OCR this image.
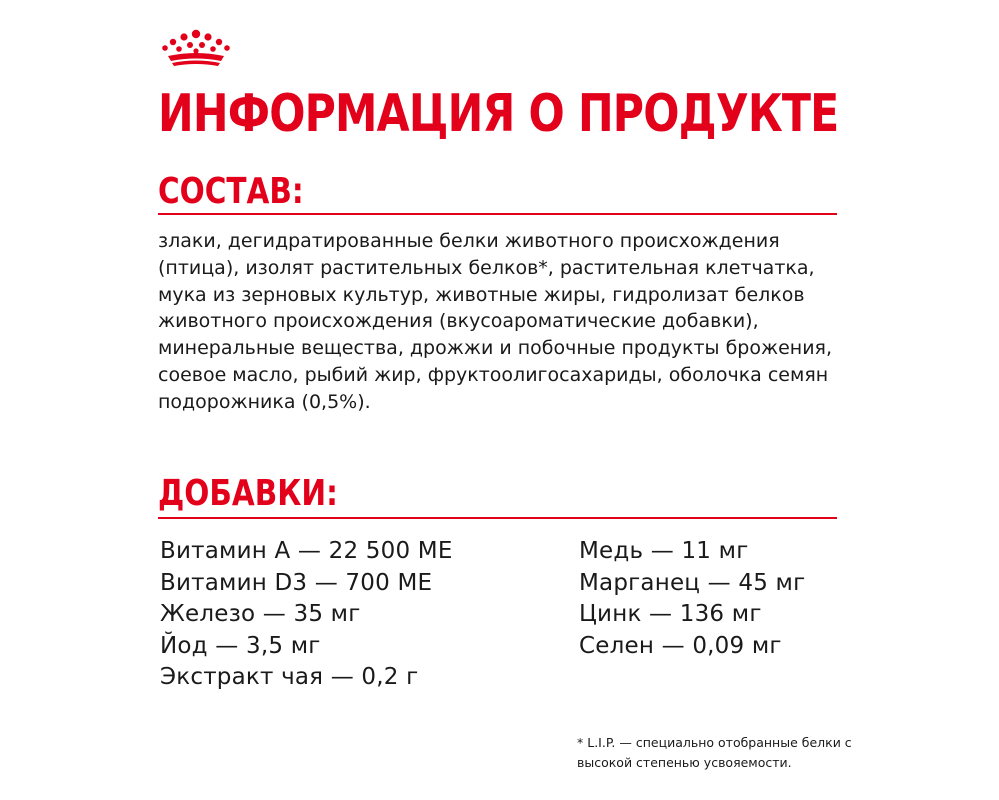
ИНФОРМАЦИЯ О ПРОДУКТЕ
СОСТАВ:

злаки, дегидратированные белки животного происхождения (птица), изолят растительных белков*, растительная клетчатка, мука из зерновых культур, животные жиры, гидролизат белков животного происхождения (вкусоароматические добавки), минеральные вещества, дрожжи и побочные продукты брожения, соевое масло, рыбий жир, фруктоолигосахариды, оболочка семян подорожника (0,5%).

ДОБАВКИ:
Витамин A — 22 500 МЕ
Витамин D3 — 700 МЕ
Железо — 35 мг
Йод — 3,5 мг
Экстракт чая — 0,2 г
Медь — 11 мг
Марганец — 45 мг
Цинк — 136 мг
Селен — 0,09 мг

* L.I.P. — специально отобранные белки с высокой степенью усвояемости.
